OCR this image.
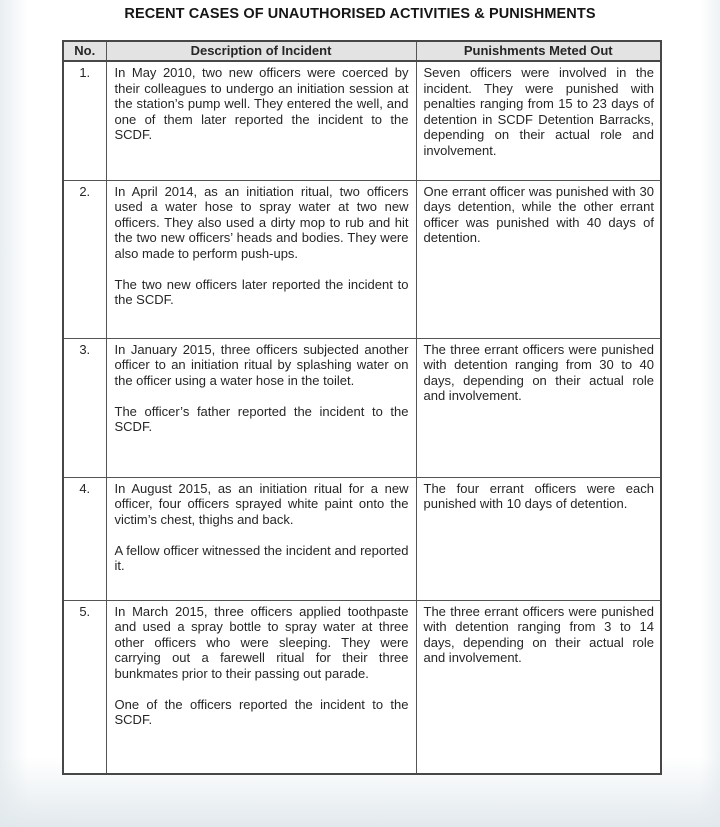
RECENT CASES OF UNAUTHORISED ACTIVITIES & PUNISHMENTS
No.	Description of Incident	Punishments Meted Out
1.	In May 2010, two new officers were coerced by their colleagues to undergo an initiation session at the station’s pump well. They entered the well, and one of them later reported the incident to the SCDF.	Seven officers were involved in the incident. They were punished with penalties ranging from 15 to 23 days of detention in SCDF Detention Barracks, depending on their actual role and involvement.

2.	In April 2014, as an initiation ritual, two officers used a water hose to spray water at two new officers. They also used a dirty mop to rub and hit the two new officers’ heads and bodies. They were also made to perform push-ups.

The two new officers later reported the incident to the SCDF.	One errant officer was punished with 30 days detention, while the other errant officer was punished with 40 days of detention.

3.	In January 2015, three officers subjected another officer to an initiation ritual by splashing water on the officer using a water hose in the toilet.

The officer’s father reported the incident to the SCDF.	The three errant officers were punished with detention ranging from 30 to 40 days, depending on their actual role and involvement.

4.	In August 2015, as an initiation ritual for a new officer, four officers sprayed white paint onto the victim’s chest, thighs and back.

A fellow officer witnessed the incident and reported it.	The four errant officers were each punished with 10 days of detention.

5.	In March 2015, three officers applied toothpaste and used a spray bottle to spray water at three other officers who were sleeping. They were carrying out a farewell ritual for their three bunkmates prior to their passing out parade.

One of the officers reported the incident to the SCDF.	The three errant officers were punished with detention ranging from 3 to 14 days, depending on their actual role and involvement.
